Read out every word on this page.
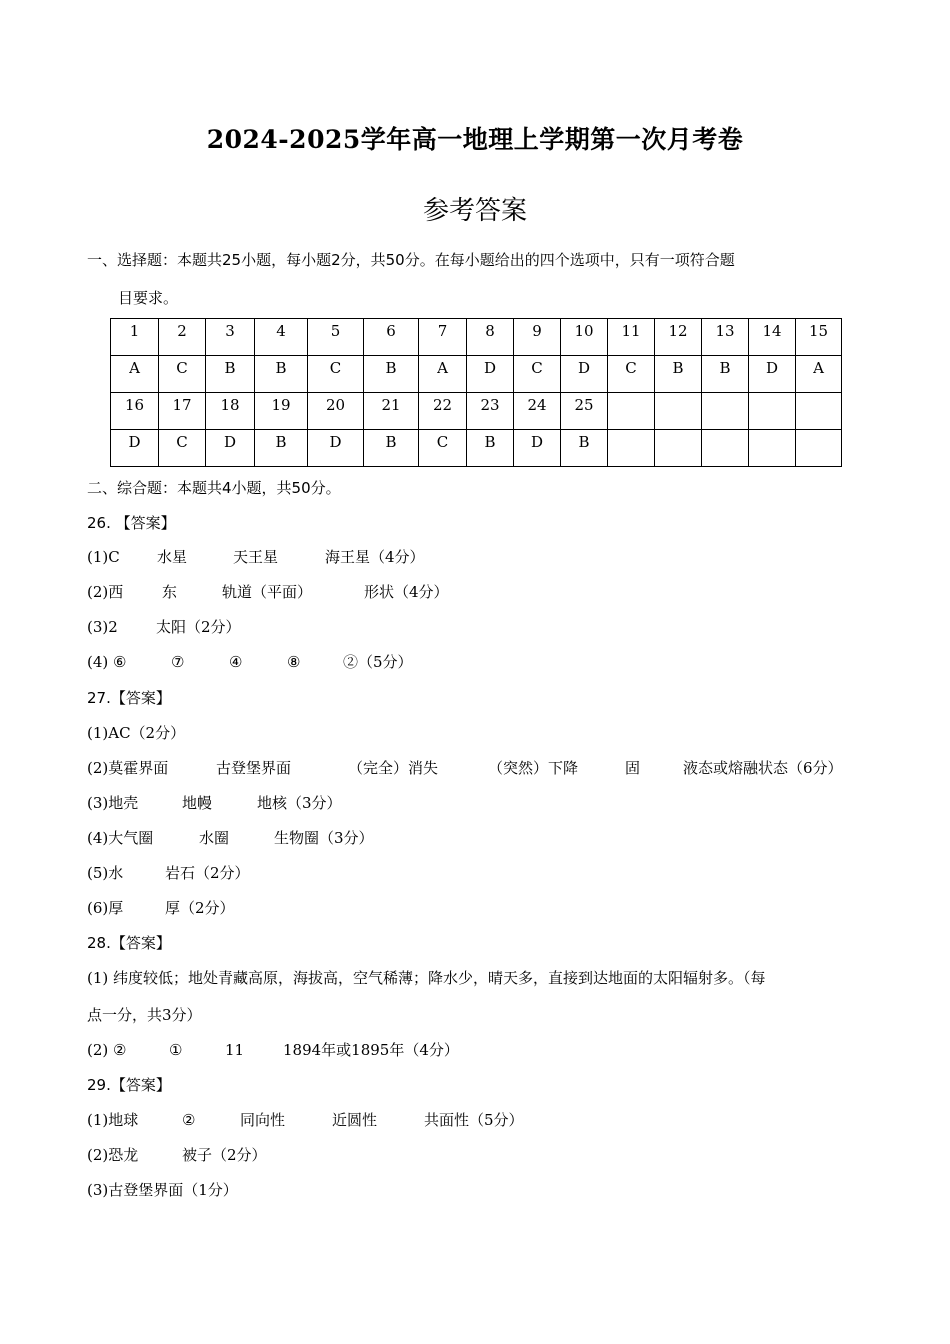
2024-2025学年高一地理上学期第一次月考卷
参考答案
一、选择题：本题共25小题，每小题2分，共50分。在每小题给出的四个选项中，只有一项符合题
目要求。
1	2	3	4	5	6	7	8	9	10	11	12	13	14	15
A	C	B	B	C	B	A	D	C	D	C	B	B	D	A
16	17	18	19	20	21	22	23	24	25					
D	C	D	B	D	B	C	B	D	B					
二、综合题：本题共4小题，共50分。
26. 【答案】
(1)C 水星	天王星	海王星（4分）
(2)西	东	轨道（平面）	形状（4分）
(3)2	太阳（2分）
(4) ⑥	⑦	④	⑧	②（5分）
27.【答案】
(1)AC（2分）
(2)莫霍界面	古登堡界面	（完全）消失	（突然）下降	固	液态或熔融状态（6分）
(3)地壳	地幔	地核（3分）
(4)大气圈	水圈	生物圈（3分）
(5)水	岩石（2分）
(6)厚	厚（2分）
28.【答案】
(1) 纬度较低；地处青藏高原，海拔高，空气稀薄；降水少，晴天多，直接到达地面的太阳辐射多。（每
点一分，共3分）
(2) ②	①	11	1894年或1895年（4分）
29.【答案】
(1)地球	②	同向性	近圆性	共面性（5分）
(2)恐龙	被子（2分）
(3)古登堡界面（1分）
